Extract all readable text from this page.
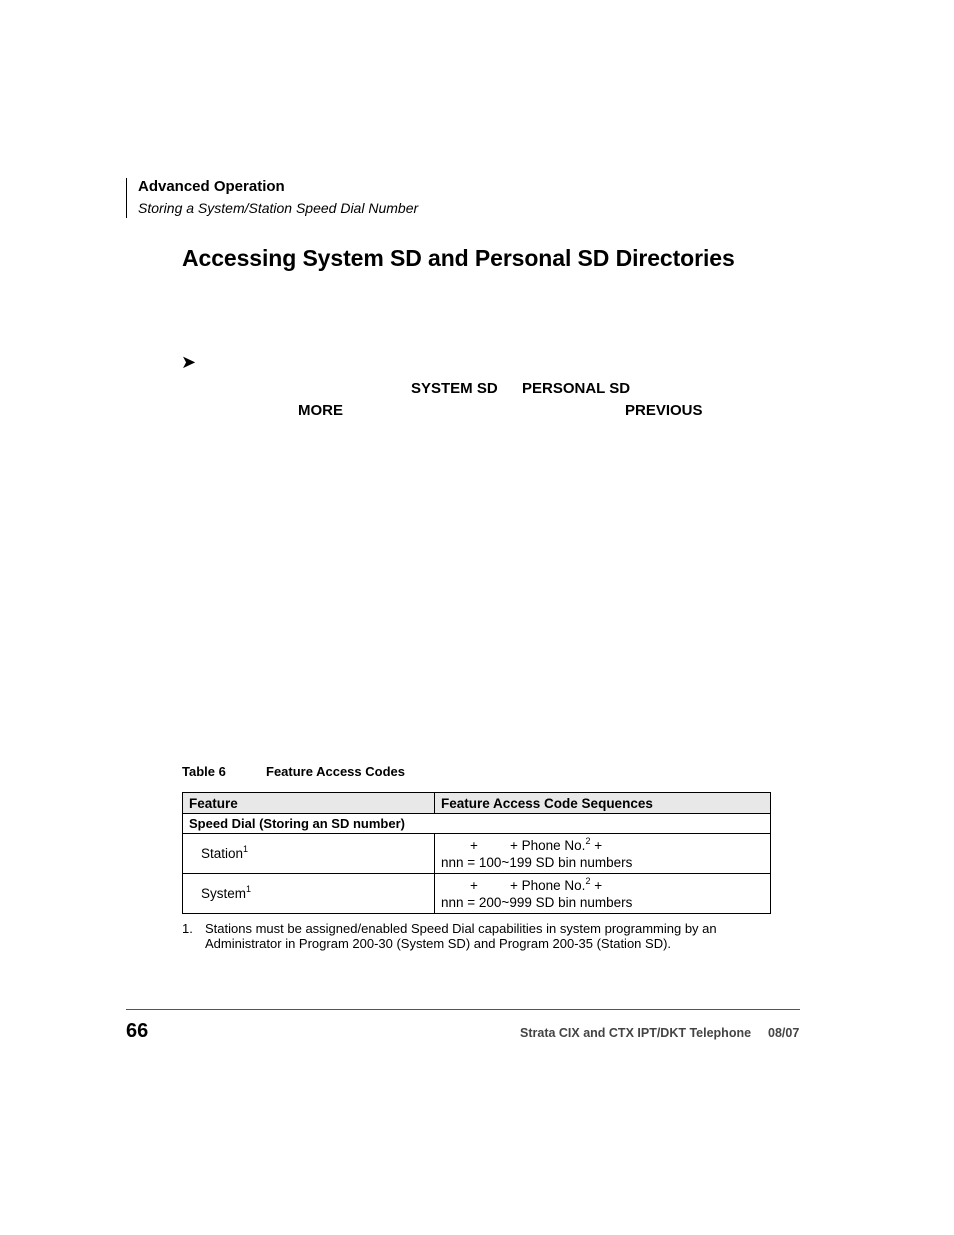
Advanced Operation
Storing a System/Station Speed Dial Number
Accessing System SD and Personal SD Directories
➤
SYSTEM SD PERSONAL SD
MORE	PREVIOUS
Table 6	Feature Access Codes
Feature	Feature Access Code Sequences
Speed Dial (Storing an SD number)	
Station$^1$	+ + Phone No.$^2$ +
nnn = 100~199 SD bin numbers

System$^1$	+ + Phone No.$^2$ +
nnn = 200~999 SD bin numbers
1. Stations must be assigned/enabled Speed Dial capabilities in system programming by an Administrator in Program 200-30 (System SD) and Program 200-35 (Station SD).
66	Strata CIX and CTX IPT/DKT Telephone 08/07
